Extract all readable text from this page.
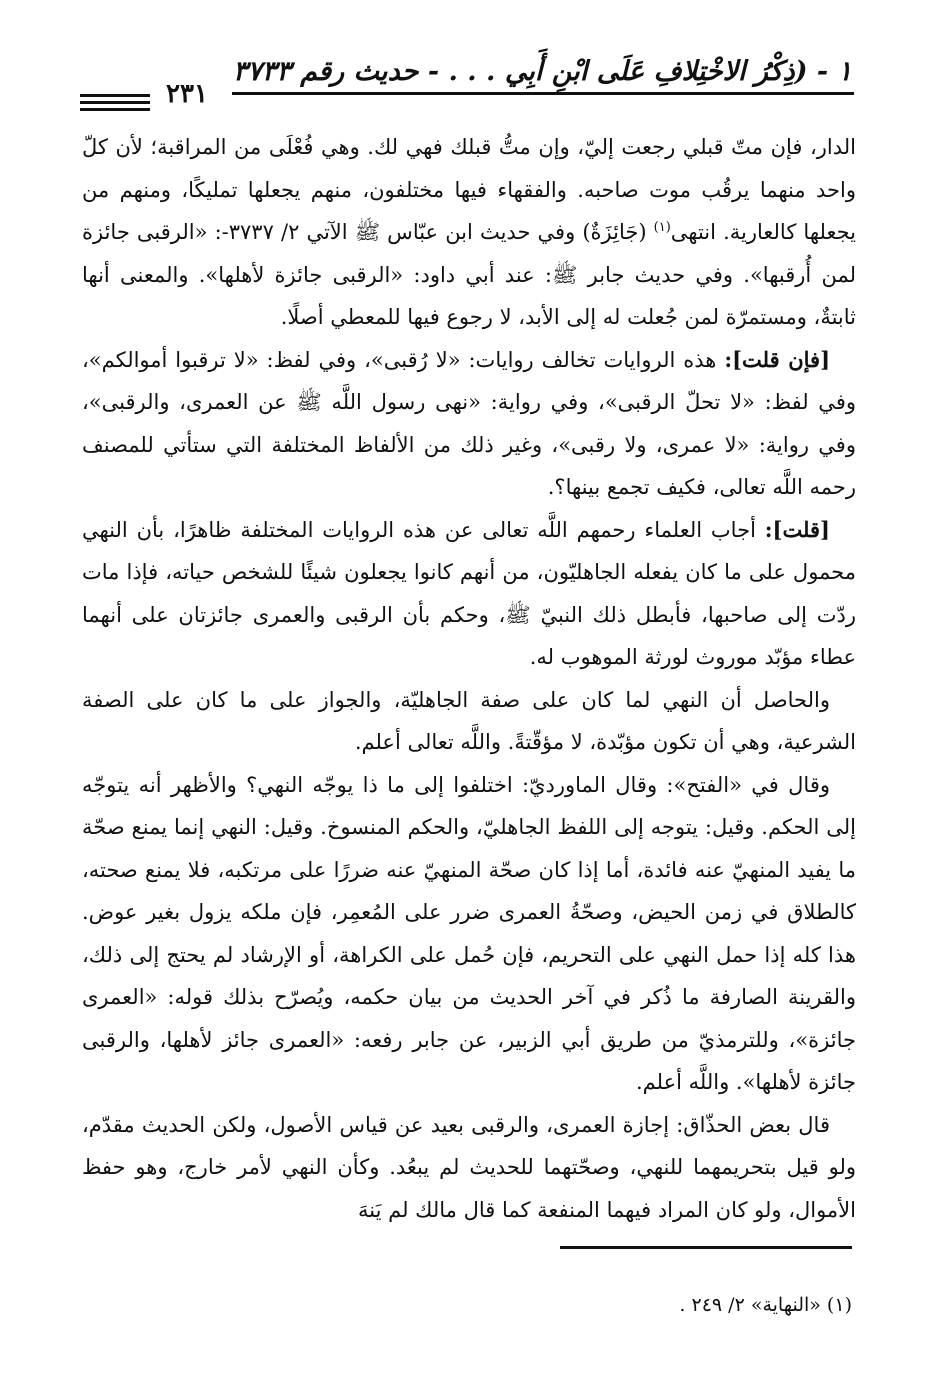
١ - (ذِكْرُ الاخْتِلافِ عَلَى ابْنِ أَبِي . . . - حديث رقم ٣٧٣٣
٢٣١

الدار، فإن متّ قبلي رجعت إليّ، وإن متُّ قبلك فهي لك. وهي فُعْلَى من المراقبة؛ لأن كلّ واحد منهما يرقُب موت صاحبه. والفقهاء فيها مختلفون، منهم يجعلها تمليكًا، ومنهم من يجعلها كالعارية. انتهى$^{(١)}$ (جَائِزَةٌ) وفي حديث ابن عبّاس ﷺ الآتي ٢/ ٣٧٣٧-: «الرقبى جائزة لمن أُرقبها». وفي حديث جابر ﷺ: عند أبي داود: «الرقبى جائزة لأهلها». والمعنى أنها ثابتةٌ، ومستمرّة لمن جُعلت له إلى الأبد، لا رجوع فيها للمعطي أصلًا.

[فإن قلت]: هذه الروايات تخالف روايات: «لا رُقبى»، وفي لفظ: «لا ترقبوا أموالكم»، وفي لفظ: «لا تحلّ الرقبى»، وفي رواية: «نهى رسول اللَّه ﷺ عن العمرى، والرقبى»، وفي رواية: «لا عمرى، ولا رقبى»، وغير ذلك من الألفاظ المختلفة التي ستأتي للمصنف رحمه اللَّه تعالى، فكيف تجمع بينها؟.

[قلت]: أجاب العلماء رحمهم اللَّه تعالى عن هذه الروايات المختلفة ظاهرًا، بأن النهي محمول على ما كان يفعله الجاهليّون، من أنهم كانوا يجعلون شيئًا للشخص حياته، فإذا مات ردّت إلى صاحبها، فأبطل ذلك النبيّ ﷺ، وحكم بأن الرقبى والعمرى جائزتان على أنهما عطاء مؤبّد موروث لورثة الموهوب له.

والحاصل أن النهي لما كان على صفة الجاهليّة، والجواز على ما كان على الصفة الشرعية، وهي أن تكون مؤبّدة، لا مؤقّتةً. واللَّه تعالى أعلم.

وقال في «الفتح»: وقال الماورديّ: اختلفوا إلى ما ذا يوجّه النهي؟ والأظهر أنه يتوجّه إلى الحكم. وقيل: يتوجه إلى اللفظ الجاهليّ، والحكم المنسوخ. وقيل: النهي إنما يمنع صحّة ما يفيد المنهيّ عنه فائدة، أما إذا كان صحّة المنهيّ عنه ضررًا على مرتكبه، فلا يمنع صحته، كالطلاق في زمن الحيض، وصحّةُ العمرى ضرر على المُعمِر، فإن ملكه يزول بغير عوض. هذا كله إذا حمل النهي على التحريم، فإن حُمل على الكراهة، أو الإرشاد لم يحتج إلى ذلك، والقرينة الصارفة ما ذُكر في آخر الحديث من بيان حكمه، ويُصرّح بذلك قوله: «العمرى جائزة»، وللترمذيّ من طريق أبي الزبير، عن جابر رفعه: «العمرى جائز لأهلها، والرقبى جائزة لأهلها». واللَّه أعلم.

قال بعض الحذّاق: إجازة العمرى، والرقبى بعيد عن قياس الأصول، ولكن الحديث مقدّم، ولو قيل بتحريمهما للنهي، وصحّتهما للحديث لم يبعُد. وكأن النهي لأمر خارج، وهو حفظ الأموال، ولو كان المراد فيهما المنفعة كما قال مالك لم يَنهَ

(١) «النهاية» ٢/ ٢٤٩ .
